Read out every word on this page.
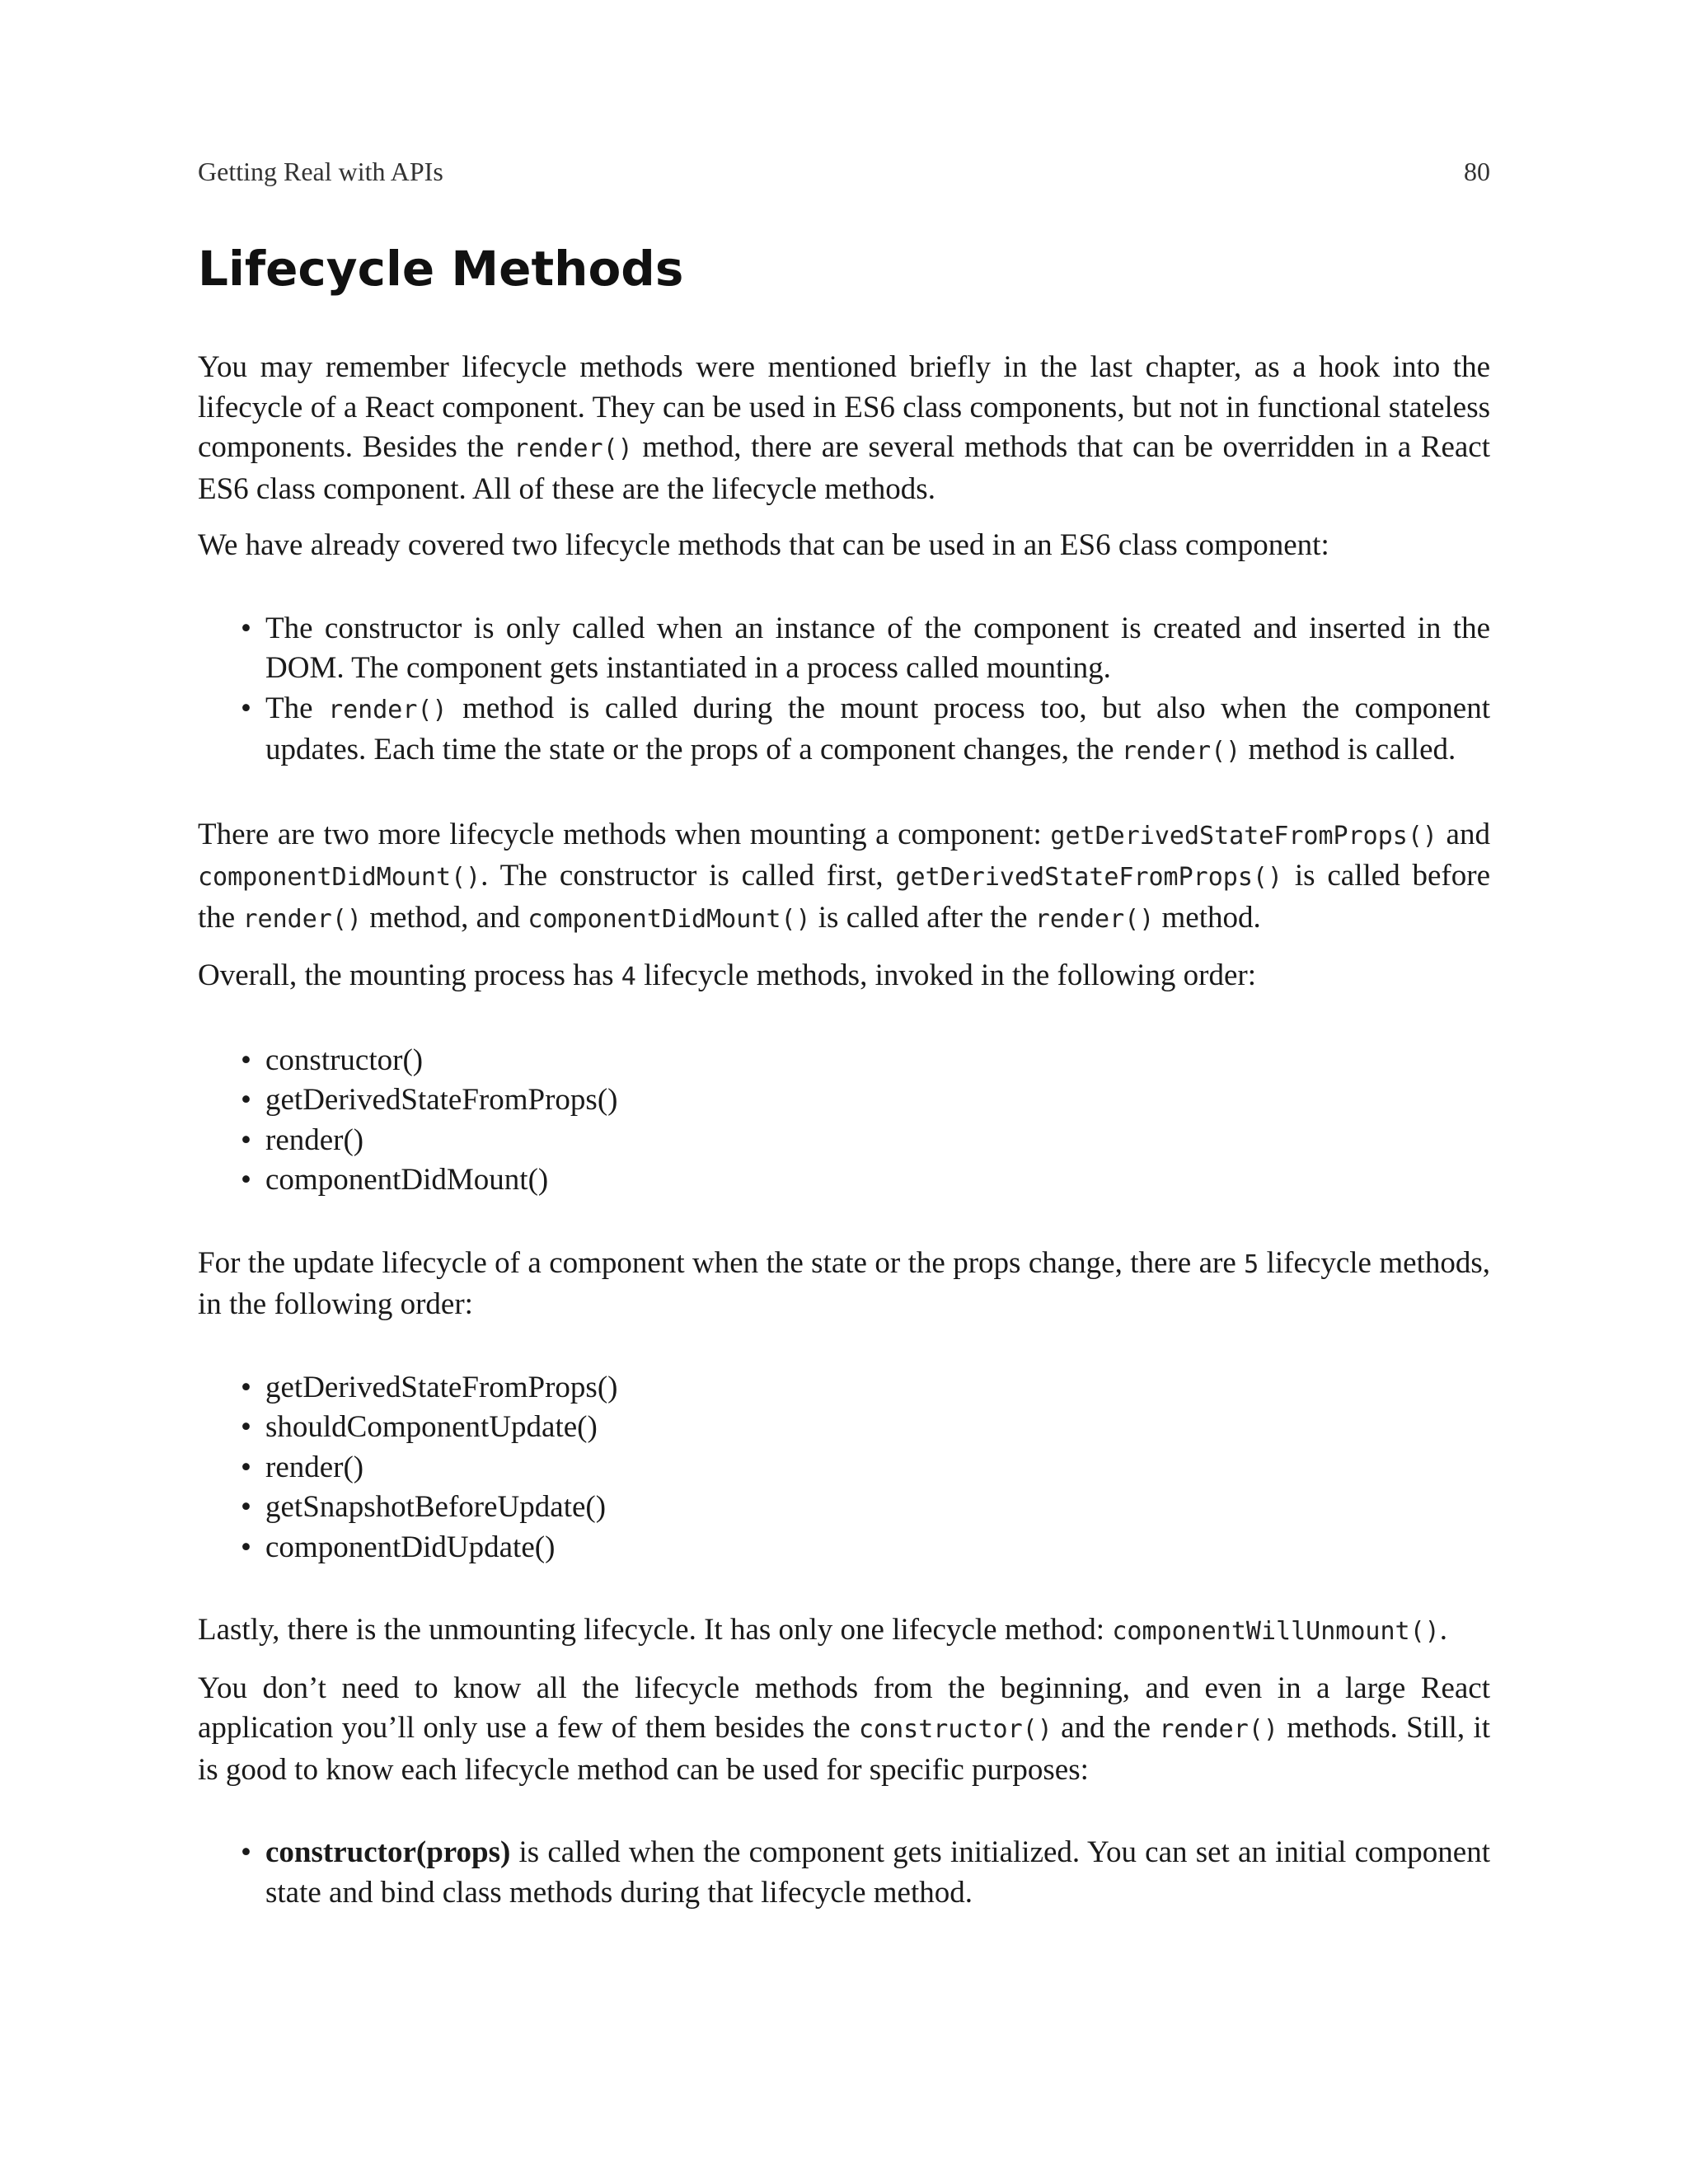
Getting Real with APIs	80
Lifecycle Methods

You may remember lifecycle methods were mentioned briefly in the last chapter, as a hook into the lifecycle of a React component. They can be used in ES6 class components, but not in functional stateless components. Besides the render() method, there are several methods that can be overridden in a React ES6 class component. All of these are the lifecycle methods.

We have already covered two lifecycle methods that can be used in an ES6 class component:

• The constructor is only called when an instance of the component is created and inserted in the DOM. The component gets instantiated in a process called mounting.
• The render() method is called during the mount process too, but also when the component updates. Each time the state or the props of a component changes, the render() method is called.

There are two more lifecycle methods when mounting a component: getDerivedStateFromProps() and componentDidMount(). The constructor is called first, getDerivedStateFromProps() is called before the render() method, and componentDidMount() is called after the render() method.

Overall, the mounting process has 4 lifecycle methods, invoked in the following order:

• constructor()
• getDerivedStateFromProps()
• render()
• componentDidMount()

For the update lifecycle of a component when the state or the props change, there are 5 lifecycle methods, in the following order:

• getDerivedStateFromProps()
• shouldComponentUpdate()
• render()
• getSnapshotBeforeUpdate()
• componentDidUpdate()

Lastly, there is the unmounting lifecycle. It has only one lifecycle method: componentWillUnmount().

You don’t need to know all the lifecycle methods from the beginning, and even in a large React application you’ll only use a few of them besides the constructor() and the render() methods. Still, it is good to know each lifecycle method can be used for specific purposes:

• constructor(props) is called when the component gets initialized. You can set an initial component state and bind class methods during that lifecycle method.
